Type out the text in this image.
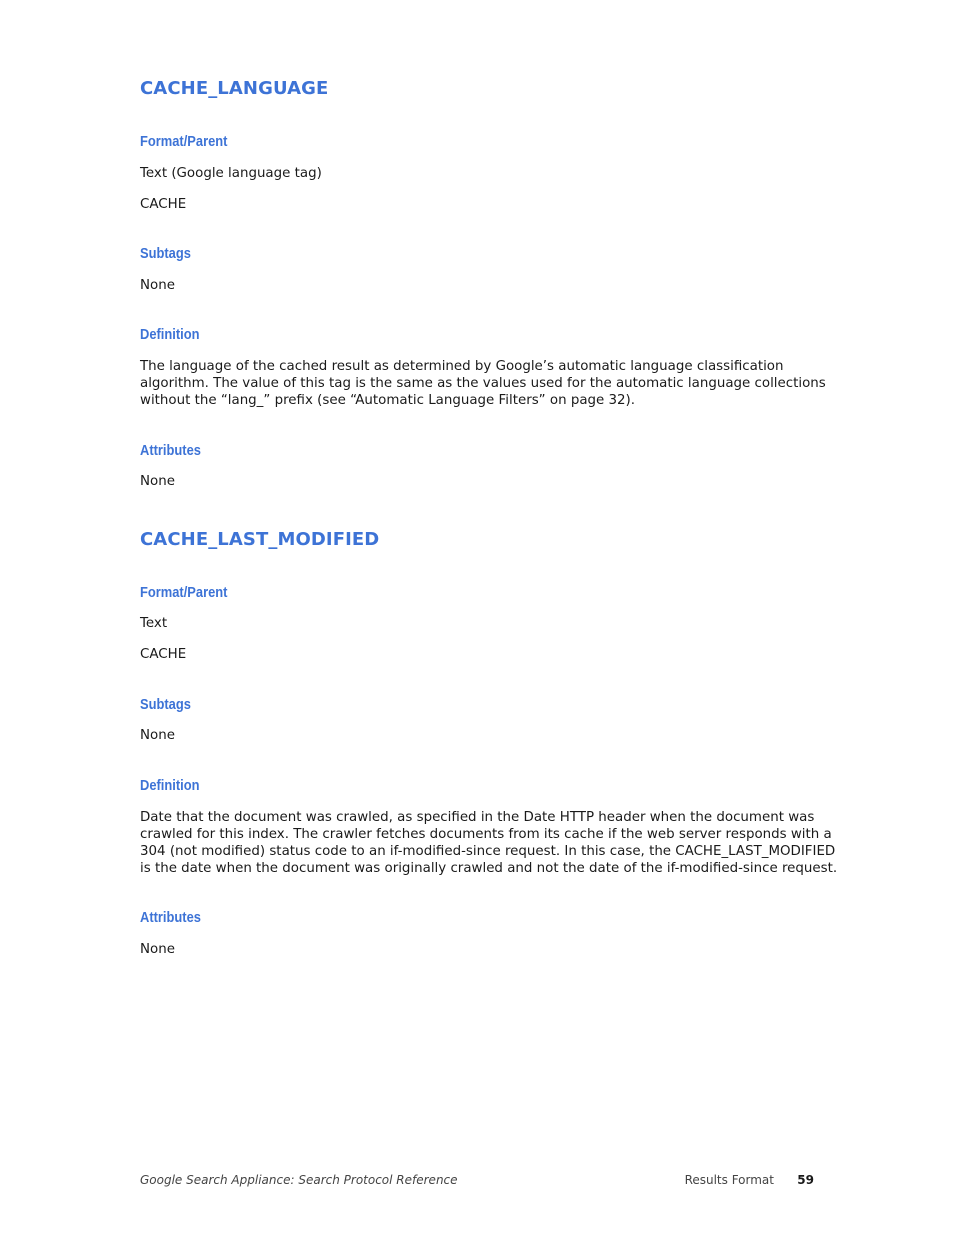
CACHE_LANGUAGE
Format/Parent

Text (Google language tag)

CACHE

Subtags

None

Definition
The language of the cached result as determined by Google’s automatic language classification
algorithm. The value of this tag is the same as the values used for the automatic language collections
without the “lang_” prefix (see “Automatic Language Filters” on page 32).
Attributes

None

CACHE_LAST_MODIFIED
Format/Parent

Text

CACHE

Subtags

None

Definition
Date that the document was crawled, as specified in the Date HTTP header when the document was
crawled for this index. The crawler fetches documents from its cache if the web server responds with a
304 (not modified) status code to an if-modified-since request. In this case, the CACHE_LAST_MODIFIED
is the date when the document was originally crawled and not the date of the if-modified-since request.
Attributes

None

Google Search Appliance: Search Protocol Reference	Results Format 59
